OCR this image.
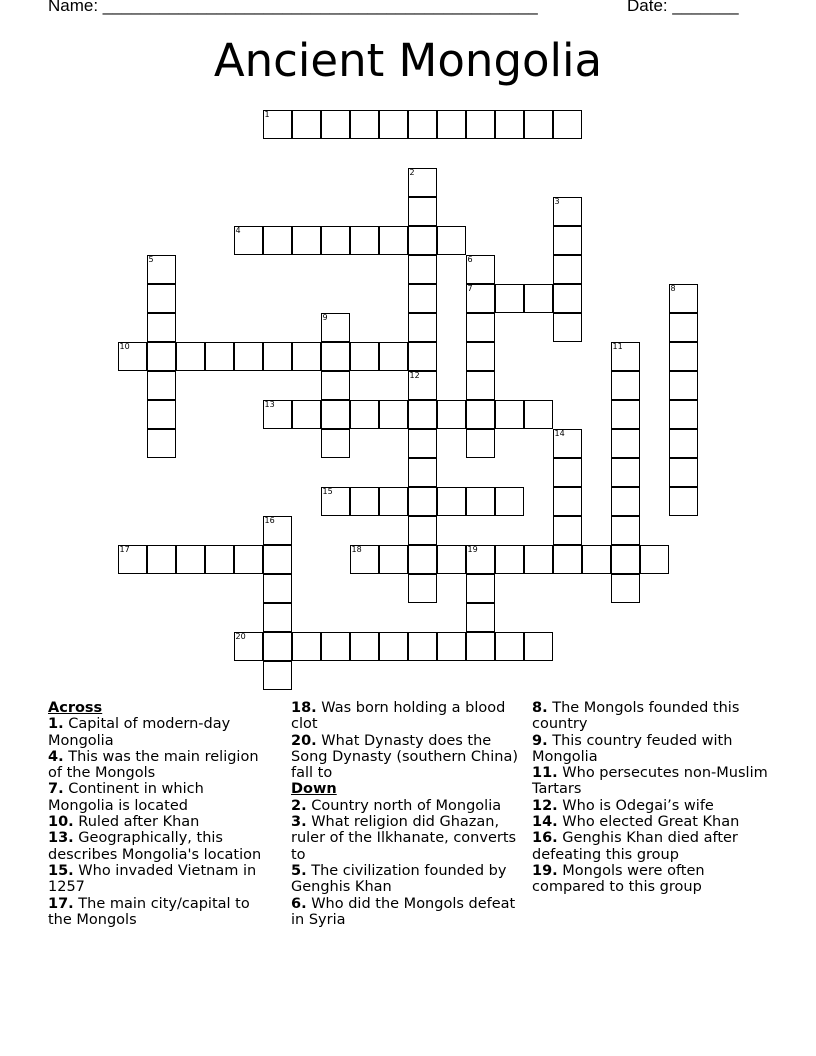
Name: ______________________________________________	Date: _______
Ancient Mongolia
1
4
7
10
13
15
17	18	19
20
2
3
5	6
8
9
11
12
14
16

Across

1. Capital of modern-day Mongolia

4. This was the main religion of the Mongols

7. Continent in which Mongolia is located

10. Ruled after Khan

13. Geographically, this describes Mongolia's location

15. Who invaded Vietnam in 1257

17. The main city/capital to the Mongols

18. Was born holding a blood clot

20. What Dynasty does the Song Dynasty (southern China) fall to

Down

2. Country north of Mongolia

3. What religion did Ghazan, ruler of the Ilkhanate, converts to

5. The civilization founded by Genghis Khan

6. Who did the Mongols defeat in Syria

8. The Mongols founded this country

9. This country feuded with Mongolia

11. Who persecutes non-Muslim Tartars

12. Who is Odegai’s wife

14. Who elected Great Khan

16. Genghis Khan died after defeating this group

19. Mongols were often compared to this group
